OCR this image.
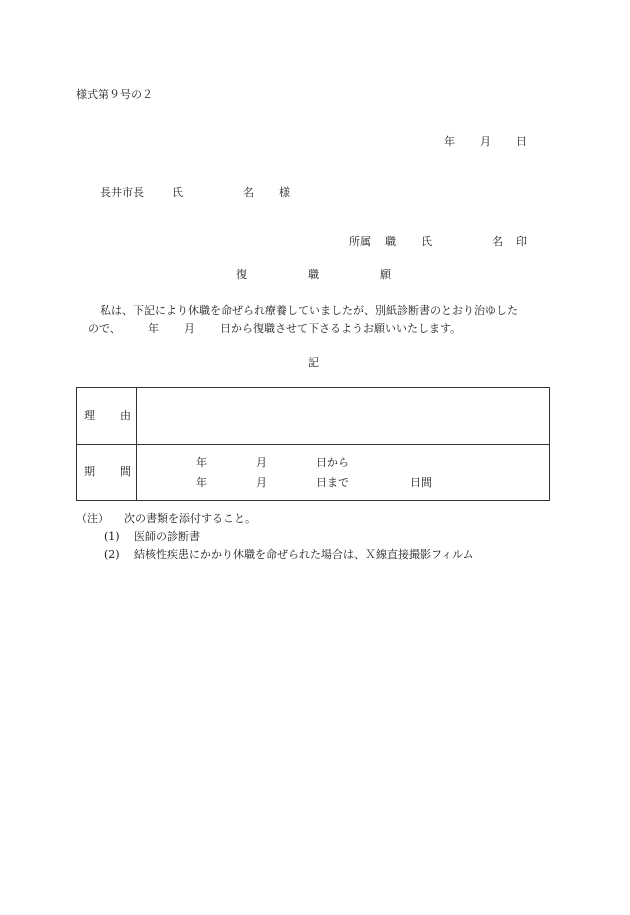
様式第９号の２
年 月 日
長井市長	氏	名 様
所属 職 氏	名 印
復	職	願
私は、下記により休職を命ぜられ療養していましたが、別紙診断書のとおり治ゆした
ので、 年 月 日から復職させて下さるようお願いいたします。
記
理 由
期 間
年	月	日から
年	月	日まで	日間
（注） 次の書類を添付すること。
(1) 医師の診断書
(2) 結核性疾患にかかり休職を命ぜられた場合は、Ｘ線直接撮影フィルム
